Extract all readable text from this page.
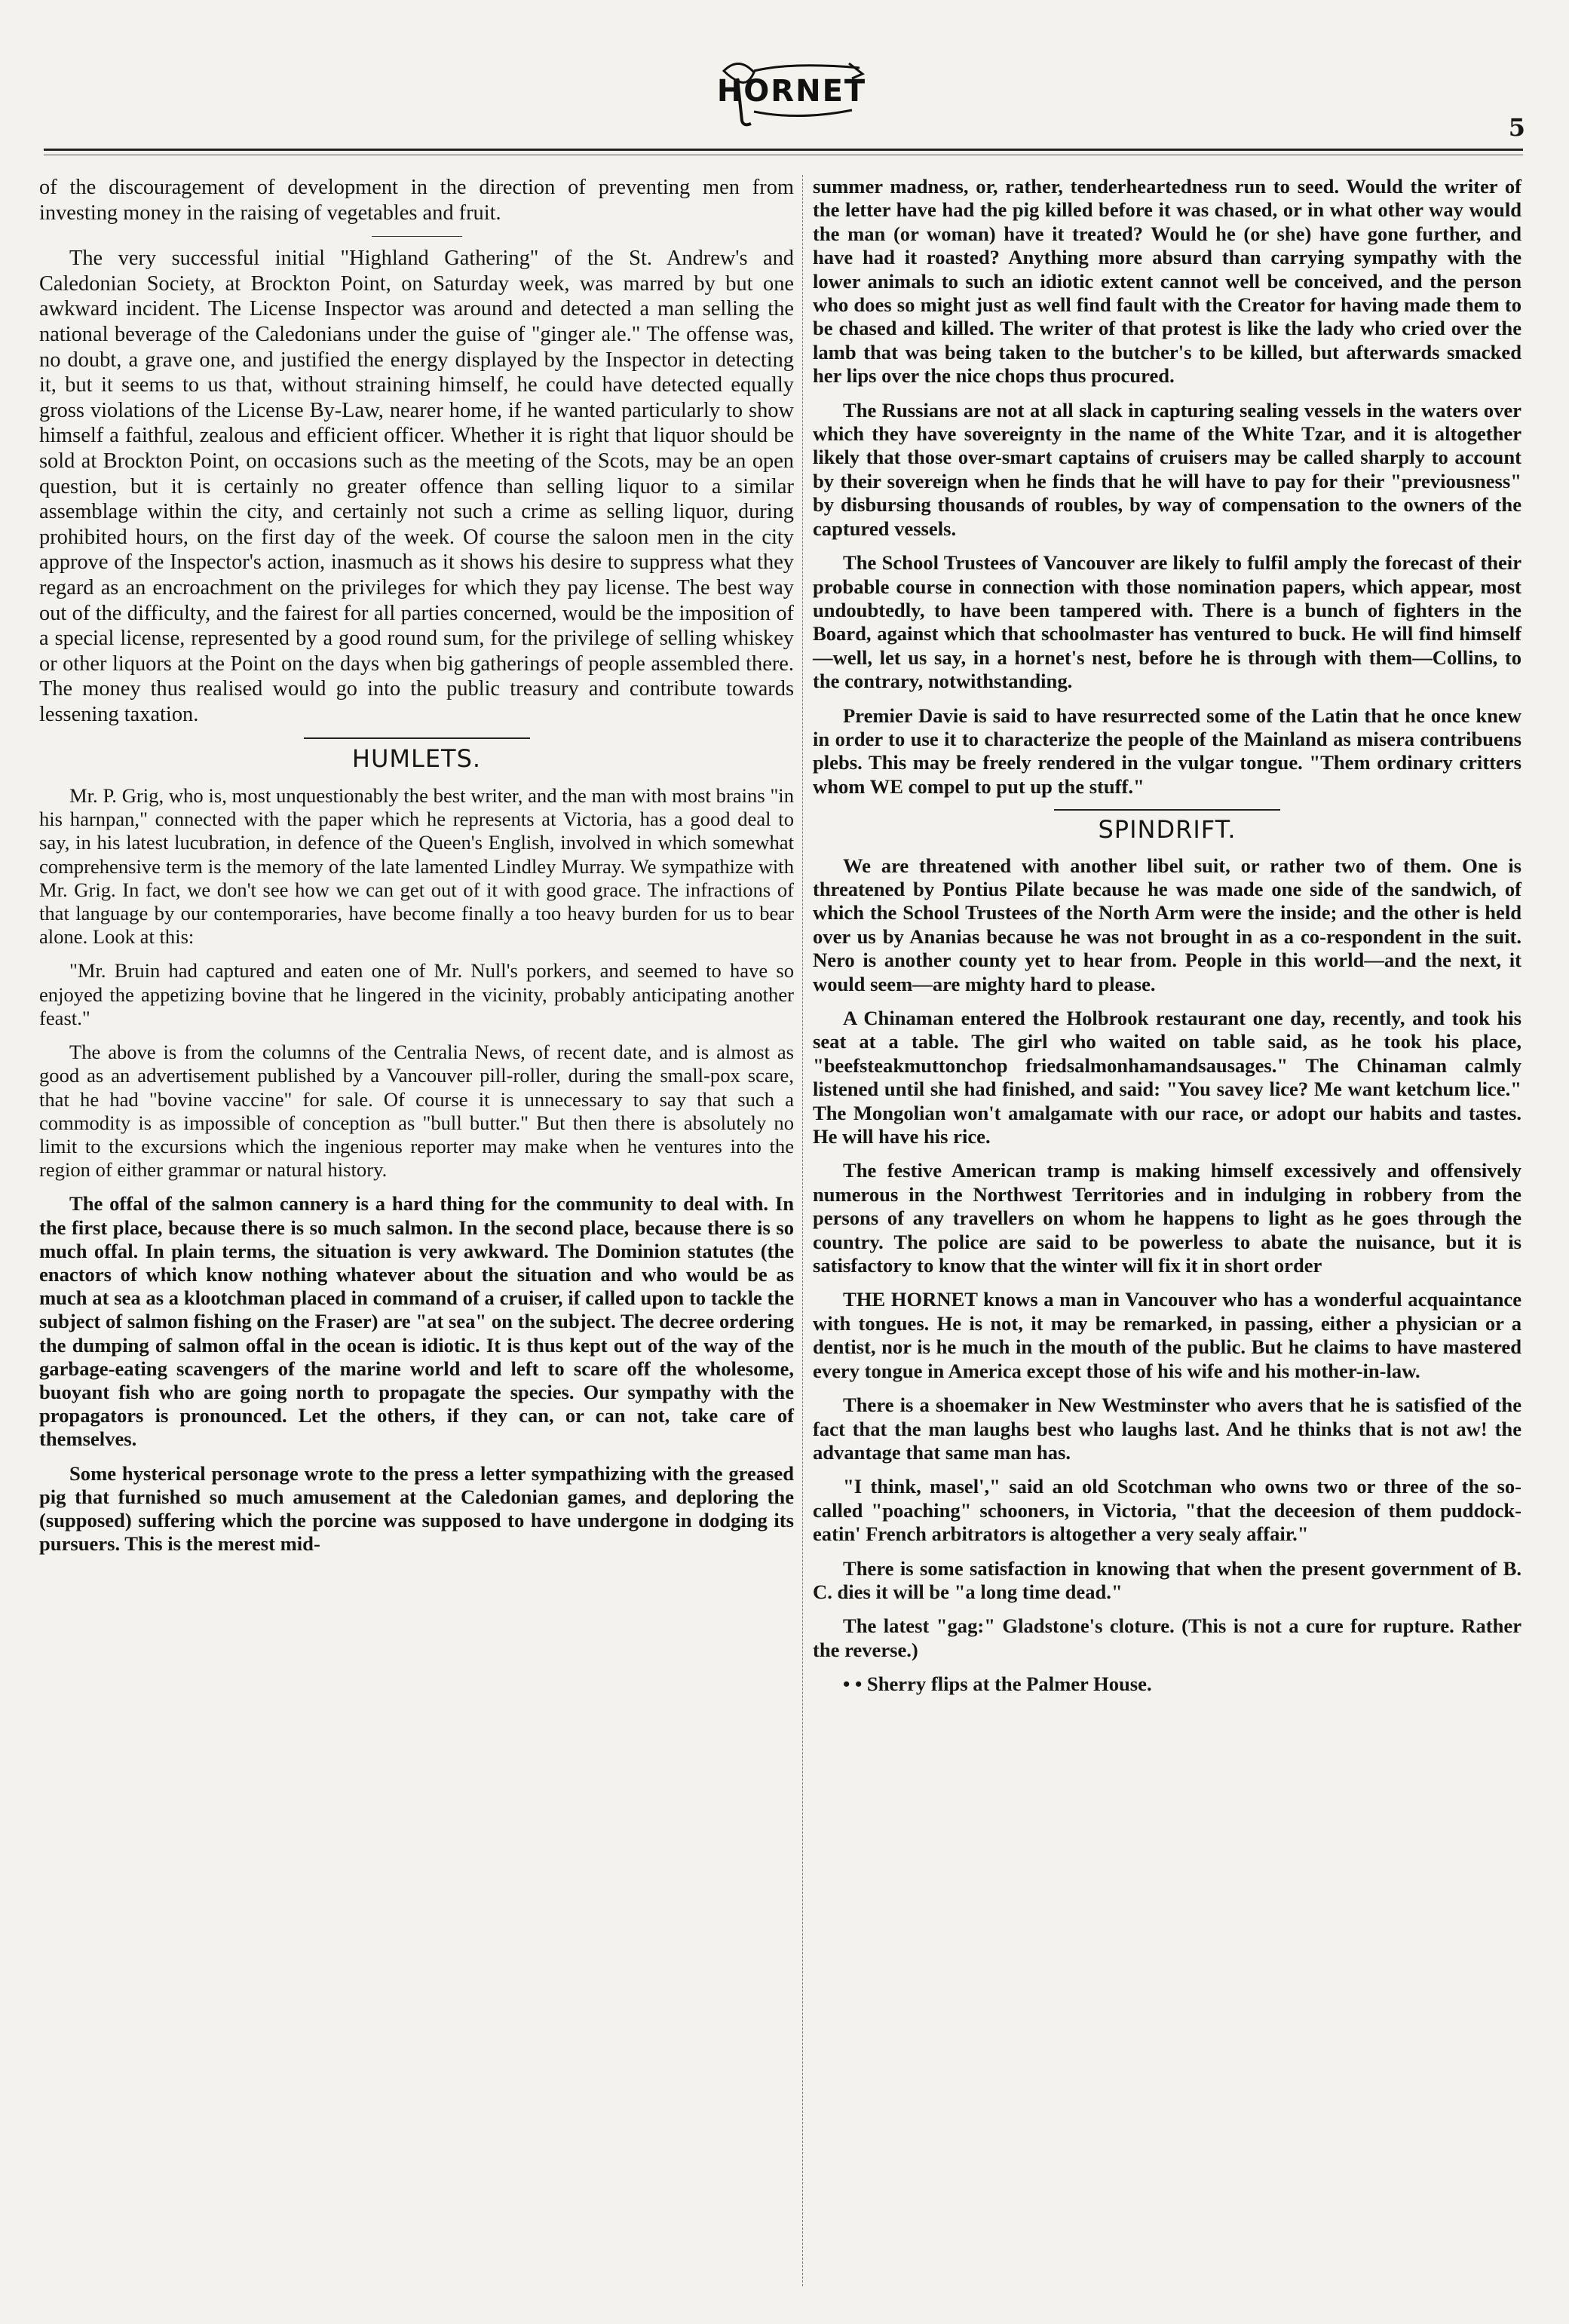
HORNET
5

of the discouragement of development in the direction of preventing men from investing money in the raising of vegetables and fruit.

The very successful initial "Highland Gathering" of the St. Andrew's and Caledonian Society, at Brockton Point, on Saturday week, was marred by but one awkward incident. The License Inspector was around and detected a man selling the national beverage of the Caledonians under the guise of "ginger ale." The offense was, no doubt, a grave one, and justified the energy displayed by the Inspector in detecting it, but it seems to us that, without straining himself, he could have detected equally gross violations of the License By-Law, nearer home, if he wanted particularly to show himself a faithful, zealous and efficient officer. Whether it is right that liquor should be sold at Brockton Point, on occasions such as the meeting of the Scots, may be an open question, but it is certainly no greater offence than selling liquor to a similar assemblage within the city, and certainly not such a crime as selling liquor, during prohibited hours, on the first day of the week. Of course the saloon men in the city approve of the Inspector's action, inasmuch as it shows his desire to suppress what they regard as an encroachment on the privileges for which they pay license. The best way out of the difficulty, and the fairest for all parties concerned, would be the imposition of a special license, represented by a good round sum, for the privilege of selling whiskey or other liquors at the Point on the days when big gatherings of people assembled there. The money thus realised would go into the public treasury and contribute towards lessening taxation.

HUMLETS.

Mr. P. Grig, who is, most unquestionably the best writer, and the man with most brains "in his harnpan," connected with the paper which he represents at Victoria, has a good deal to say, in his latest lucubration, in defence of the Queen's English, involved in which somewhat comprehensive term is the memory of the late lamented Lindley Murray. We sympathize with Mr. Grig. In fact, we don't see how we can get out of it with good grace. The infractions of that language by our contemporaries, have become finally a too heavy burden for us to bear alone. Look at this:

"Mr. Bruin had captured and eaten one of Mr. Null's porkers, and seemed to have so enjoyed the appetizing bovine that he lingered in the vicinity, probably anticipating another feast."

The above is from the columns of the Centralia News, of recent date, and is almost as good as an advertisement published by a Vancouver pill-roller, during the small-pox scare, that he had "bovine vaccine" for sale. Of course it is unnecessary to say that such a commodity is as impossible of conception as "bull butter." But then there is absolutely no limit to the excursions which the ingenious reporter may make when he ventures into the region of either grammar or natural history.

The offal of the salmon cannery is a hard thing for the community to deal with. In the first place, because there is so much salmon. In the second place, because there is so much offal. In plain terms, the situation is very awkward. The Dominion statutes (the enactors of which know nothing whatever about the situation and who would be as much at sea as a klootchman placed in command of a cruiser, if called upon to tackle the subject of salmon fishing on the Fraser) are "at sea" on the subject. The decree ordering the dumping of salmon offal in the ocean is idiotic. It is thus kept out of the way of the garbage-eating scavengers of the marine world and left to scare off the wholesome, buoyant fish who are going north to propagate the species. Our sympathy with the propagators is pronounced. Let the others, if they can, or can not, take care of themselves.

Some hysterical personage wrote to the press a letter sympathizing with the greased pig that furnished so much amusement at the Caledonian games, and deploring the (supposed) suffering which the porcine was supposed to have undergone in dodging its pursuers. This is the merest mid-

summer madness, or, rather, tenderheartedness run to seed. Would the writer of the letter have had the pig killed before it was chased, or in what other way would the man (or woman) have it treated? Would he (or she) have gone further, and have had it roasted? Anything more absurd than carrying sympathy with the lower animals to such an idiotic extent cannot well be conceived, and the person who does so might just as well find fault with the Creator for having made them to be chased and killed. The writer of that protest is like the lady who cried over the lamb that was being taken to the butcher's to be killed, but afterwards smacked her lips over the nice chops thus procured.

The Russians are not at all slack in capturing sealing vessels in the waters over which they have sovereignty in the name of the White Tzar, and it is altogether likely that those over-smart captains of cruisers may be called sharply to account by their sovereign when he finds that he will have to pay for their "previousness" by disbursing thousands of roubles, by way of compensation to the owners of the captured vessels.

The School Trustees of Vancouver are likely to fulfil amply the forecast of their probable course in connection with those nomination papers, which appear, most undoubtedly, to have been tampered with. There is a bunch of fighters in the Board, against which that schoolmaster has ventured to buck. He will find himself—well, let us say, in a hornet's nest, before he is through with them—Collins, to the contrary, notwithstanding.

Premier Davie is said to have resurrected some of the Latin that he once knew in order to use it to characterize the people of the Mainland as misera contribuens plebs. This may be freely rendered in the vulgar tongue. "Them ordinary critters whom WE compel to put up the stuff."

SPINDRIFT.

We are threatened with another libel suit, or rather two of them. One is threatened by Pontius Pilate because he was made one side of the sandwich, of which the School Trustees of the North Arm were the inside; and the other is held over us by Ananias because he was not brought in as a co-respondent in the suit. Nero is another county yet to hear from. People in this world—and the next, it would seem—are mighty hard to please.

A Chinaman entered the Holbrook restaurant one day, recently, and took his seat at a table. The girl who waited on table said, as he took his place, "beefsteakmuttonchop friedsalmonhamandsausages." The Chinaman calmly listened until she had finished, and said: "You savey lice? Me want ketchum lice." The Mongolian won't amalgamate with our race, or adopt our habits and tastes. He will have his rice.

The festive American tramp is making himself excessively and offensively numerous in the Northwest Territories and in indulging in robbery from the persons of any travellers on whom he happens to light as he goes through the country. The police are said to be powerless to abate the nuisance, but it is satisfactory to know that the winter will fix it in short order

THE HORNET knows a man in Vancouver who has a wonderful acquaintance with tongues. He is not, it may be remarked, in passing, either a physician or a dentist, nor is he much in the mouth of the public. But he claims to have mastered every tongue in America except those of his wife and his mother-in-law.

There is a shoemaker in New Westminster who avers that he is satisfied of the fact that the man laughs best who laughs last. And he thinks that is not aw! the advantage that same man has.

"I think, masel'," said an old Scotchman who owns two or three of the so-called "poaching" schooners, in Victoria, "that the deceesion of them puddock-eatin' French arbitrators is altogether a very sealy affair."

There is some satisfaction in knowing that when the present government of B. C. dies it will be "a long time dead."

The latest "gag:" Gladstone's cloture. (This is not a cure for rupture. Rather the reverse.)

• • Sherry flips at the Palmer House.
